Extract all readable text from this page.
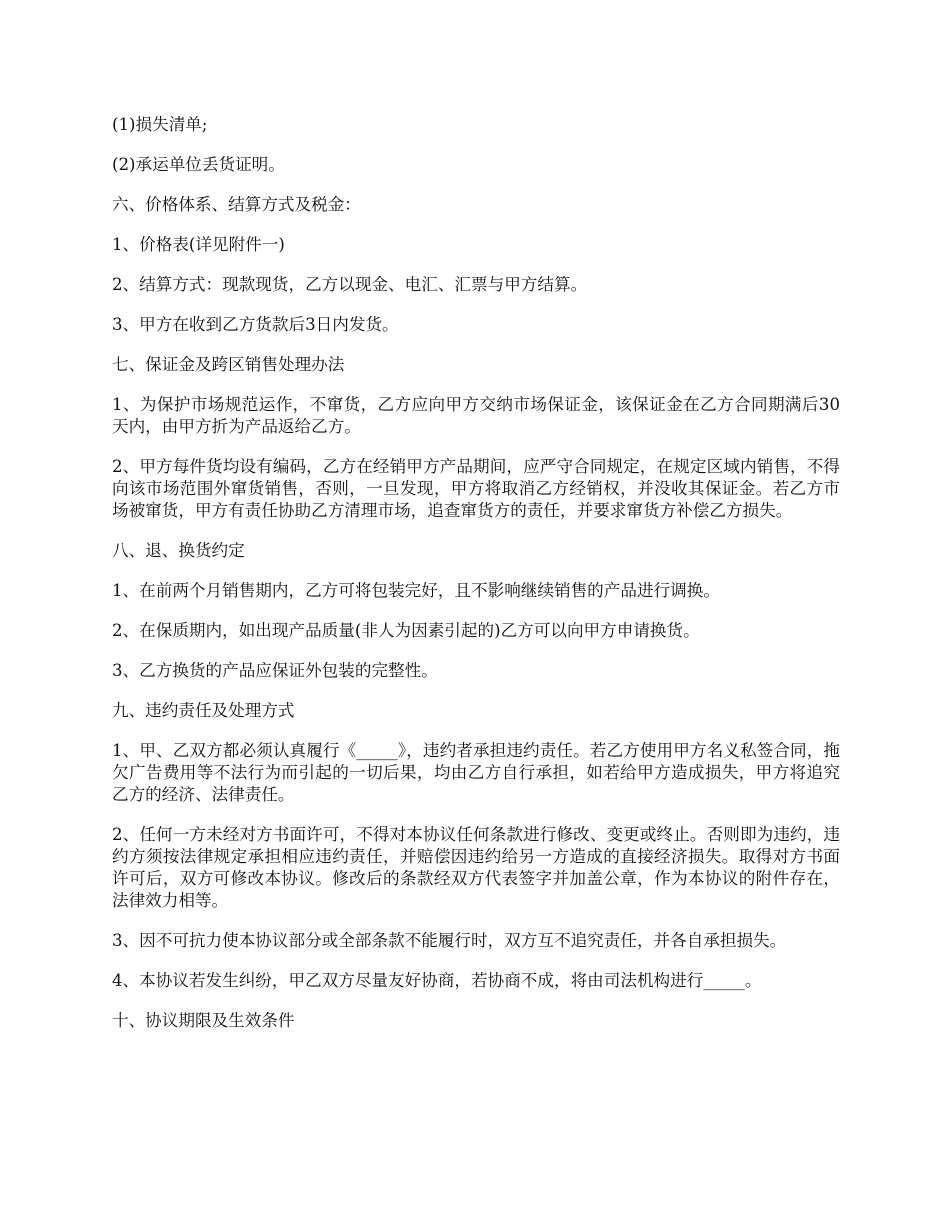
(1)损失清单;

(2)承运单位丢货证明。

六、价格体系、结算方式及税金：

1、价格表(详见附件一)

2、结算方式：现款现货，乙方以现金、电汇、汇票与甲方结算。

3、甲方在收到乙方货款后3日内发货。

七、保证金及跨区销售处理办法

1、为保护市场规范运作，不窜货，乙方应向甲方交纳市场保证金，该保证金在乙方合同期满后30天内，由甲方折为产品返给乙方。

2、甲方每件货均设有编码，乙方在经销甲方产品期间，应严守合同规定，在规定区域内销售，不得向该市场范围外窜货销售，否则，一旦发现，甲方将取消乙方经销权，并没收其保证金。若乙方市场被窜货，甲方有责任协助乙方清理市场，追查窜货方的责任，并要求窜货方补偿乙方损失。

八、退、换货约定

1、在前两个月销售期内，乙方可将包装完好，且不影响继续销售的产品进行调换。

2、在保质期内，如出现产品质量(非人为因素引起的)乙方可以向甲方申请换货。

3、乙方换货的产品应保证外包装的完整性。

九、违约责任及处理方式

1、甲、乙双方都必须认真履行《_____》，违约者承担违约责任。若乙方使用甲方名义私签合同，拖欠广告费用等不法行为而引起的一切后果，均由乙方自行承担，如若给甲方造成损失，甲方将追究乙方的经济、法律责任。

2、任何一方未经对方书面许可，不得对本协议任何条款进行修改、变更或终止。否则即为违约，违约方须按法律规定承担相应违约责任，并赔偿因违约给另一方造成的直接经济损失。取得对方书面许可后，双方可修改本协议。修改后的条款经双方代表签字并加盖公章，作为本协议的附件存在，法律效力相等。

3、因不可抗力使本协议部分或全部条款不能履行时，双方互不追究责任，并各自承担损失。

4、本协议若发生纠纷，甲乙双方尽量友好协商，若协商不成，将由司法机构进行_____。

十、协议期限及生效条件
